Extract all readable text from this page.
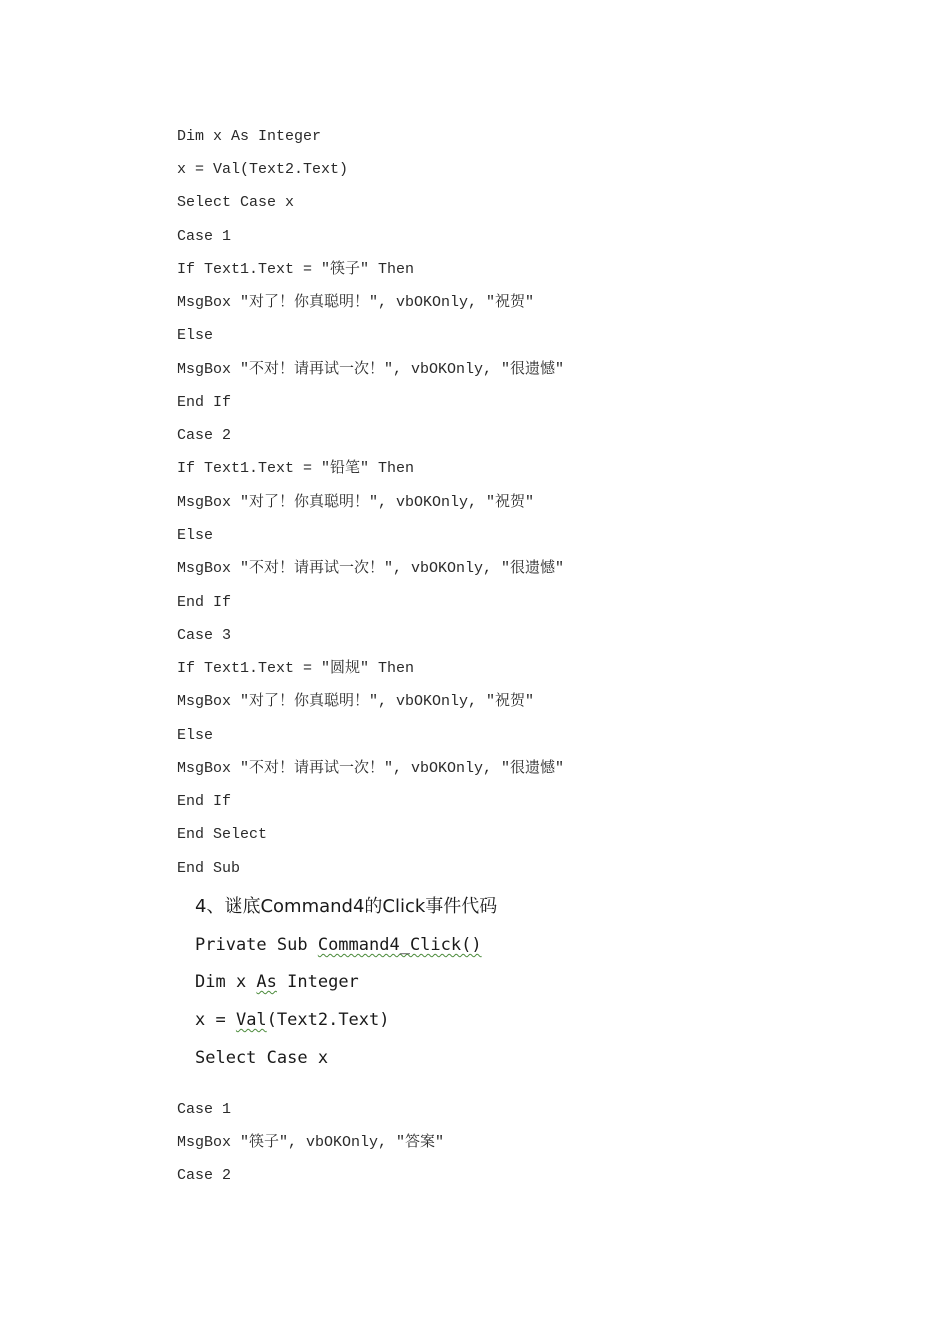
Dim x As Integer
x = Val(Text2.Text)
Select Case x
Case 1
If Text1.Text = "筷子" Then
MsgBox "对了！你真聪明！", vbOKOnly, "祝贺"
Else
MsgBox "不对！请再试一次！", vbOKOnly, "很遗憾"
End If
Case 2
If Text1.Text = "铅笔" Then
MsgBox "对了！你真聪明！", vbOKOnly, "祝贺"
Else
MsgBox "不对！请再试一次！", vbOKOnly, "很遗憾"
End If
Case 3
If Text1.Text = "圆规" Then
MsgBox "对了！你真聪明！", vbOKOnly, "祝贺"
Else
MsgBox "不对！请再试一次！", vbOKOnly, "很遗憾"
End If
End Select
End Sub
4、谜底Command4的Click事件代码
Private Sub Command4_Click()
Dim x As Integer
x = Val(Text2.Text)
Select Case x
Case 1
MsgBox "筷子", vbOKOnly, "答案"
Case 2
